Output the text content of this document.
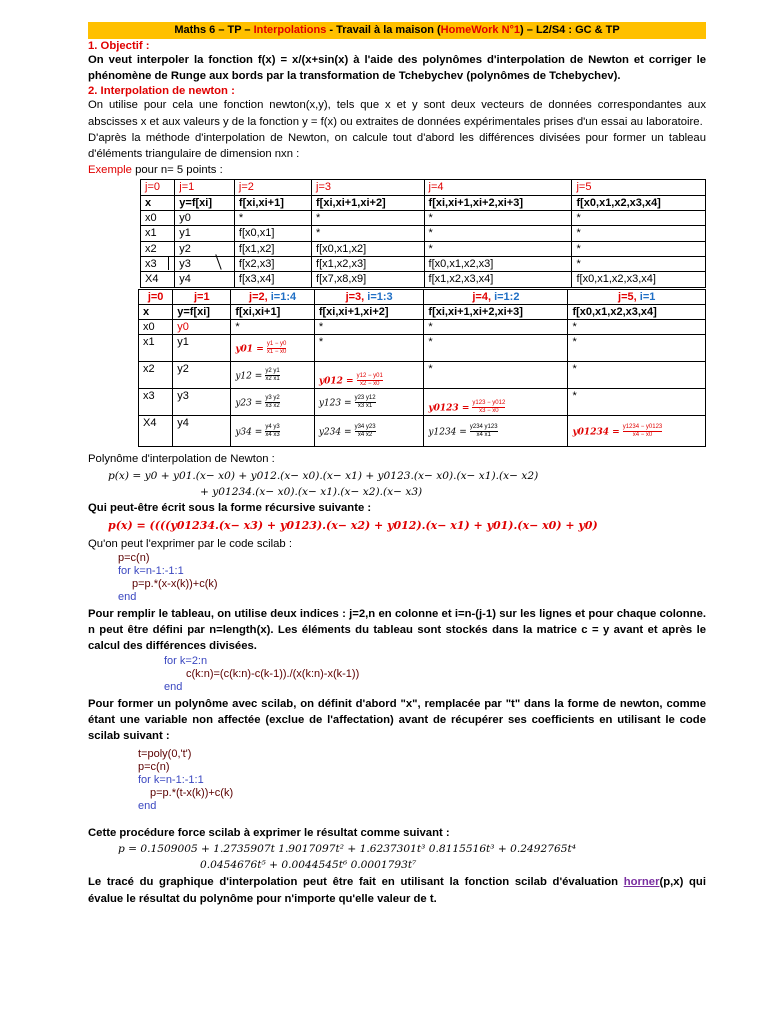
Maths 6 – TP – Interpolations - Travail à la maison (HomeWork N°1) – L2/S4 : GC & TP
1. Objectif :

On veut interpoler la fonction f(x) = x/(x+sin(x) à l'aide des polynômes d'interpolation de Newton et corriger le phénomène de Runge aux bords par la transformation de Tchebychev (polynômes de Tchebychev).

2. Interpolation de newton :

On utilise pour cela une fonction newton(x,y), tels que x et y sont deux vecteurs de données correspondantes aux abscisses x et aux valeurs y de la fonction y = f(x) ou extraites de données expérimentales prises d'un essai au laboratoire.

D'après la méthode d'interpolation de Newton, on calcule tout d'abord les différences divisées pour former un tableau d'éléments triangulaire de dimension nxn :

Exemple pour n= 5 points :

j=0	j=1	j=2	j=3	j=4	j=5
x	y=f[xi]	f[xi,xi+1]	f[xi,xi+1,xi+2]	f[xi,xi+1,xi+2,xi+3]	f[x0,x1,x2,x3,x4]
x0	y0	*	*	*	*
x1	y1	f[x0,x1]	*	*	*
x2	y2	f[x1,x2]	f[x0,x1,x2]	*	*
x3	y3	f[x2,x3]	f[x1,x2,x3]	f[x0,x1,x2,x3]	*
X4	y4	f[x3,x4]	f[x7,x8,x9]	f[x1,x2,x3,x4]	f[x0,x1,x2,x3,x4]
j=0	j=1	j=2, i=1:4	j=3, i=1:3	j=4, i=1:2	j=5, i=1
x	y=f[xi]	f[xi,xi+1]	f[xi,xi+1,xi+2]	f[xi,xi+1,xi+2,xi+3]	f[x0,x1,x2,x3,x4]
x0	y0	*	*	*	*
x1	y1	$y01 = \frac{y1 - y0}{x1 - x0}$	*	*	*
x2	y2	$y12 = \frac{y2 y1}{x2 x1}$	$y012 = \frac{y12 - y01}{x2 - x0}$	*	*
x3	y3	$y23 = \frac{y3 y2}{x3 x2}$	$y123 = \frac{y23 y12}{x3 x1}$	$y0123 = \frac{y123 - y012}{x3 - x0}$	*
X4	y4	$y34 = \frac{y4 y3}{x4 x3}$	$y234 = \frac{y34 y23}{x4 x2}$	$y1234 = \frac{y234 y123}{x4 x1}$	$y01234 = \frac{y1234 - y0123}{x4 - x0}$

Polynôme d'interpolation de Newton :

p(x) = y0 + y01.(x− x0) + y012.(x− x0).(x− x1) + y0123.(x− x0).(x− x1).(x− x2)
+ y01234.(x− x0).(x− x1).(x− x2).(x− x3)

Qui peut-être écrit sous la forme récursive suivante :

p(x) = ((((y01234.(x− x3) + y0123).(x− x2) + y012).(x− x1) + y01).(x− x0) + y0)

Qu'on peut l'exprimer par le code scilab :

p=c(n)
for k=n-1:-1:1
p=p.*(x-x(k))+c(k)
end

Pour remplir le tableau, on utilise deux indices : j=2,n en colonne et i=n-(j-1) sur les lignes et pour chaque colonne. n peut être défini par n=length(x). Les éléments du tableau sont stockés dans la matrice c = y avant et après le calcul des différences divisées.

for k=2:n
c(k:n)=(c(k:n)-c(k-1))./(x(k:n)-x(k-1))
end

Pour former un polynôme avec scilab, on définit d'abord "x", remplacée par "t" dans la forme de newton, comme étant une variable non affectée (exclue de l'affectation) avant de récupérer ses coefficients en utilisant le code scilab suivant :

t=poly(0,'t')
p=c(n)
for k=n-1:-1:1
p=p.*(t-x(k))+c(k)
end

Cette procédure force scilab à exprimer le résultat comme suivant :

p = 0.1509005 + 1.2735907t 1.9017097t² + 1.6237301t³ 0.8115516t³ + 0.2492765t⁴
0.0454676t⁵ + 0.0044545t⁶ 0.0001793t⁷

Le tracé du graphique d'interpolation peut être fait en utilisant la fonction scilab d'évaluation horner(p,x) qui évalue le résultat du polynôme pour n'importe qu'elle valeur de t.
